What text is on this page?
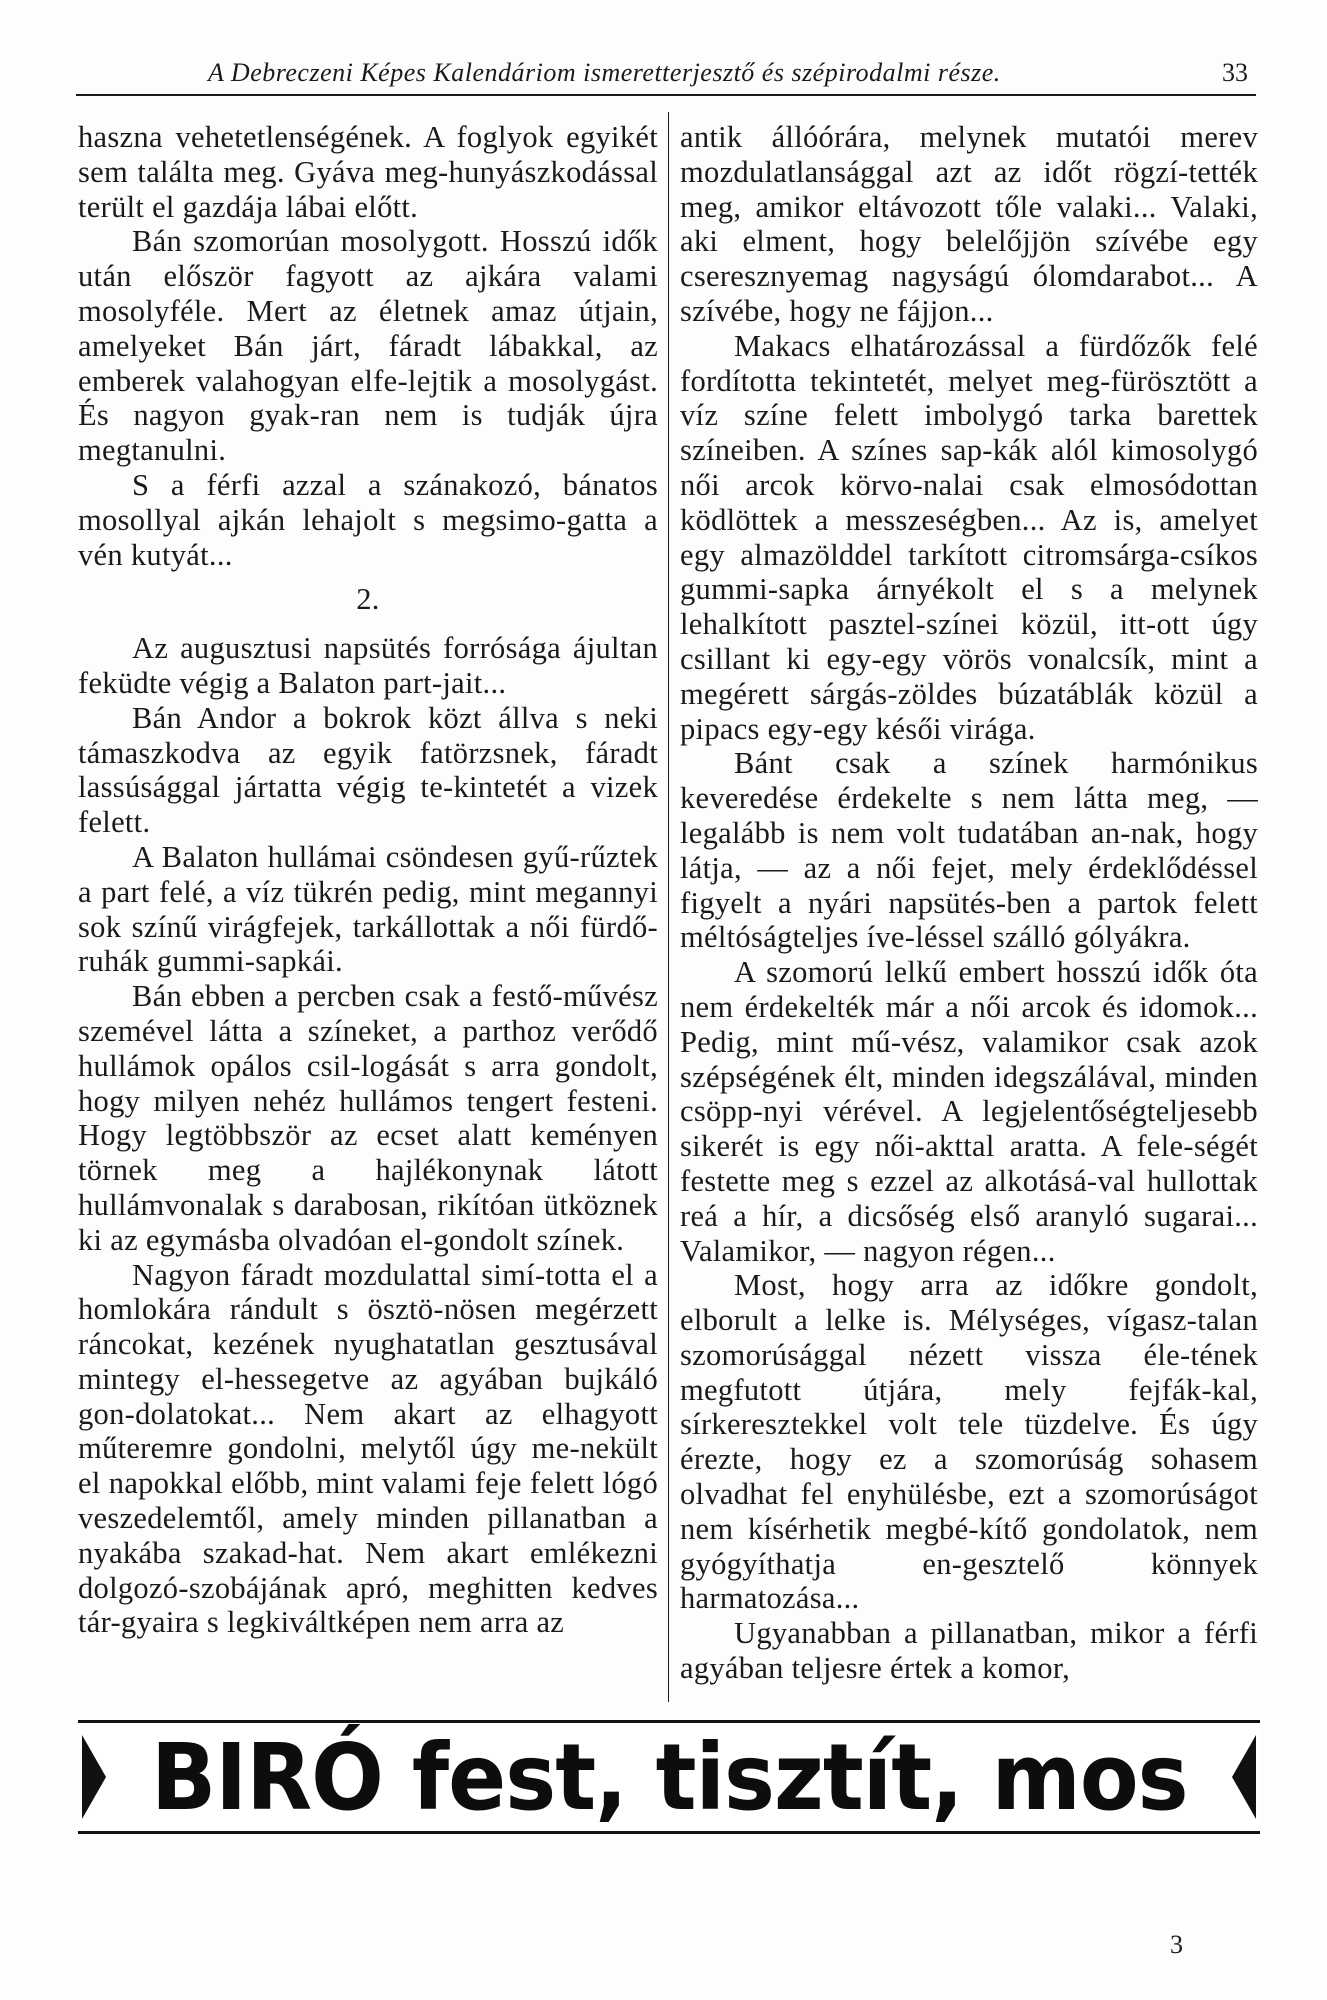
A Debreczeni Képes Kalendáriom ismeretterjesztő és szépirodalmi része.	33

haszna vehetetlenségének. A foglyok egyikét sem találta meg. Gyáva meg-hunyászkodással terült el gazdája lábai előtt.

Bán szomorúan mosolygott. Hosszú idők után először fagyott az ajkára valami mosolyféle. Mert az életnek amaz útjain, amelyeket Bán járt, fáradt lábakkal, az emberek valahogyan elfe-lejtik a mosolygást. És nagyon gyak-ran nem is tudják újra megtanulni.

S a férfi azzal a szánakozó, bánatos mosollyal ajkán lehajolt s megsimo-gatta a vén kutyát...

2.

Az augusztusi napsütés forrósága ájultan feküdte végig a Balaton part-jait...

Bán Andor a bokrok közt állva s neki támaszkodva az egyik fatörzsnek, fáradt lassúsággal jártatta végig te-kintetét a vizek felett.

A Balaton hullámai csöndesen gyű-rűztek a part felé, a víz tükrén pedig, mint megannyi sok színű virágfejek, tarkállottak a női fürdő-ruhák gummi-sapkái.

Bán ebben a percben csak a festő-művész szemével látta a színeket, a parthoz verődő hullámok opálos csil-logását s arra gondolt, hogy milyen nehéz hullámos tengert festeni. Hogy legtöbbször az ecset alatt keményen törnek meg a hajlékonynak látott hullámvonalak s darabosan, rikítóan ütköznek ki az egymásba olvadóan el-gondolt színek.

Nagyon fáradt mozdulattal simí-totta el a homlokára rándult s ösztö-nösen megérzett ráncokat, kezének nyughatatlan gesztusával mintegy el-hessegetve az agyában bujkáló gon-dolatokat... Nem akart az elhagyott műteremre gondolni, melytől úgy me-nekült el napokkal előbb, mint valami feje felett lógó veszedelemtől, amely minden pillanatban a nyakába szakad-hat. Nem akart emlékezni dolgozó-szobájának apró, meghitten kedves tár-gyaira s legkiváltképen nem arra az

antik állóórára, melynek mutatói merev mozdulatlansággal azt az időt rögzí-tették meg, amikor eltávozott tőle valaki... Valaki, aki elment, hogy belelőjjön szívébe egy cseresznyemag nagyságú ólomdarabot... A szívébe, hogy ne fájjon...

Makacs elhatározással a fürdőzők felé fordította tekintetét, melyet meg-fürösztött a víz színe felett imbolygó tarka barettek színeiben. A színes sap-kák alól kimosolygó női arcok körvo-nalai csak elmosódottan ködlöttek a messzeségben... Az is, amelyet egy almazölddel tarkított citromsárga-csíkos gummi-sapka árnyékolt el s a melynek lehalkított pasztel-színei közül, itt-ott úgy csillant ki egy-egy vörös vonalcsík, mint a megérett sárgás-zöldes búzatáblák közül a pipacs egy-egy késői virága.

Bánt csak a színek harmónikus keveredése érdekelte s nem látta meg, — legalább is nem volt tudatában an-nak, hogy látja, — az a női fejet, mely érdeklődéssel figyelt a nyári napsütés-ben a partok felett méltóságteljes íve-léssel szálló gólyákra.

A szomorú lelkű embert hosszú idők óta nem érdekelték már a női arcok és idomok... Pedig, mint mű-vész, valamikor csak azok szépségének élt, minden idegszálával, minden csöpp-nyi vérével. A legjelentőségteljesebb sikerét is egy női-akttal aratta. A fele-ségét festette meg s ezzel az alkotásá-val hullottak reá a hír, a dicsőség első aranyló sugarai... Valamikor, — nagyon régen...

Most, hogy arra az időkre gondolt, elborult a lelke is. Mélységes, vígasz-talan szomorúsággal nézett vissza éle-tének megfutott útjára, mely fejfák-kal, sírkeresztekkel volt tele tüzdelve. És úgy érezte, hogy ez a szomorúság sohasem olvadhat fel enyhülésbe, ezt a szomorúságot nem kísérhetik megbé-kítő gondolatok, nem gyógyíthatja en-gesztelő könnyek harmatozása...

Ugyanabban a pillanatban, mikor a férfi agyában teljesre értek a komor,

BIRÓ fest, tisztít, mos
3
